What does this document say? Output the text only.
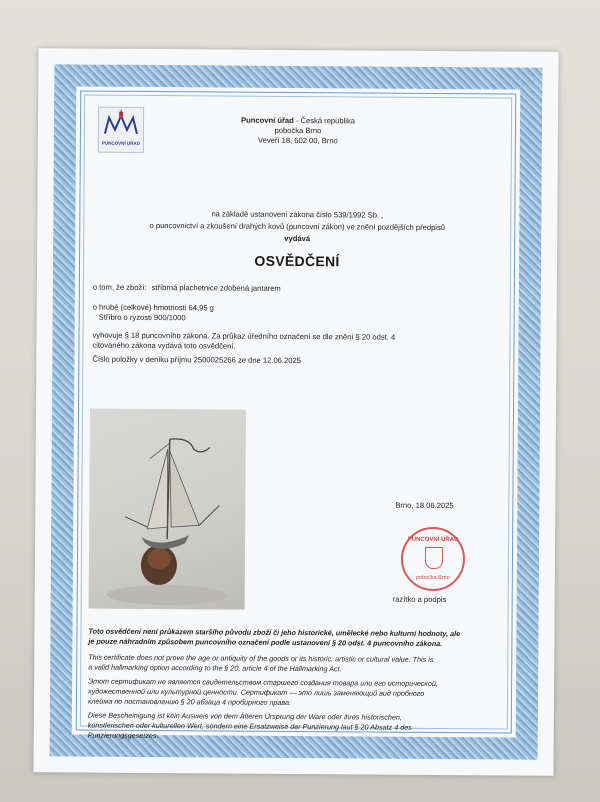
PUNCOVNÍ ÚŘAD
Puncovní úřad - Česká republika
pobočka Brno
Veveří 18, 602 00, Brno
na základě ustanovení zákona číslo 539/1992 Sb. ,
o puncovnictví a zkoušení drahých kovů (puncovní zákon) ve znění pozdějších předpisů
vydává
OSVĚDČENÍ
o tom, že zboží: stříbrná plachetnice zdobená jantarem
o hrubé (celkové) hmotnosti 64,95 g
Stříbro o ryzosti 900/1000
vyhovuje § 18 puncovního zákona. Za průkaz úředního označení se dle znění § 20 odst. 4
citovaného zákona vydává toto osvědčení.
Číslo položky v deníku příjmu 2500025266 ze dne 12.06.2025
Brno, 18.06.2025
PUNCOVNÍ ÚŘAD
pobočka Brno
razítko a podpis
Toto osvědčení není průkazem staršího původu zboží či jeho historické, umělecké nebo kulturní hodnoty, ale
je pouze náhradním způsobem puncovního označení podle ustanovení § 20 odst. 4 puncovního zákona.
This certificate does not prove the age or antiquity of the goods or its historic, artistic or cultural value. This is
a valid hallmarking option according to the § 20, article 4 of the Hallmarking Act.
Этот сертификат не является свидетельством старшего создания товара или его исторической,
художественной или культурной ценности. Сертификат — это лишь заменяющий вид пробного
клейма по постановлению § 20 абзаца 4 пробирного права.
Diese Bescheinigung ist kein Ausweis von dem Älteren Ursprung der Ware oder ihres historischen,
künstlerischen oder kulturellen Wert, sondern eine Ersatzweise der Punzierung laut § 20 Absatz 4 des
Punzierungsgesetzes.
